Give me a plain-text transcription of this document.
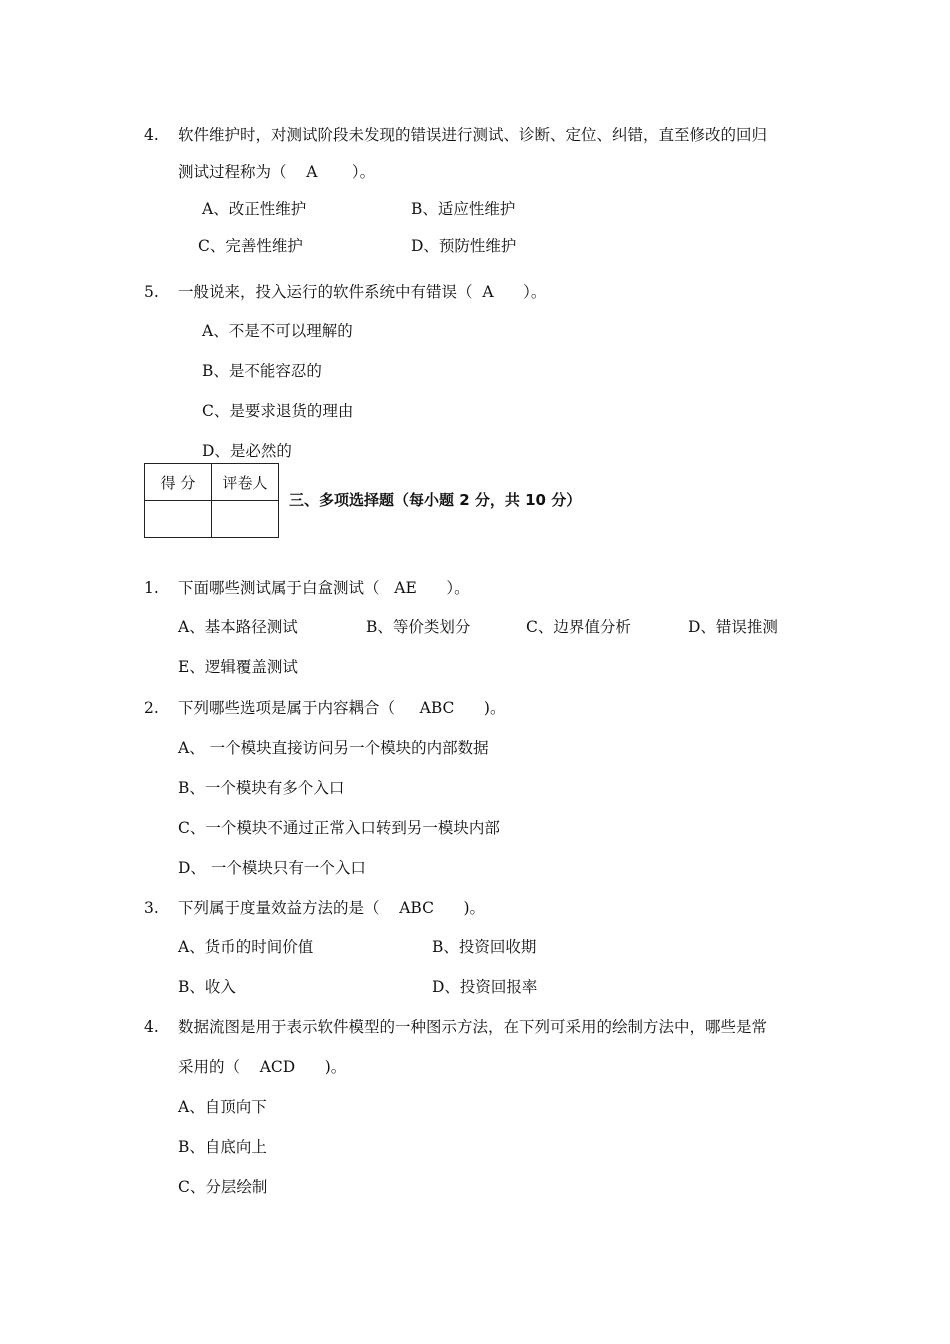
4. 软件维护时，对测试阶段未发现的错误进行测试、诊断、定位、纠错，直至修改的回归
测试过程称为（    A       ）。
A、改正性维护	B、适应性维护
C、完善性维护	D、预防性维护
5. 一般说来，投入运行的软件系统中有错误（  A      ）。
A、不是不可以理解的
B、是不能容忍的
C、是要求退货的理由
D、是必然的
得 分	评卷人

三、多项选择题（每小题 2 分，共 10 分）
1. 下面哪些测试属于白盒测试（   AE      ）。
A、基本路径测试	B、等价类划分	C、边界值分析	D、错误推测
E、逻辑覆盖测试
2. 下列哪些选项是属于内容耦合（     ABC      )。
A、 一个模块直接访问另一个模块的内部数据
B、一个模块有多个入口
C、一个模块不通过正常入口转到另一模块内部
D、 一个模块只有一个入口
3. 下列属于度量效益方法的是（    ABC      )。
A、货币的时间价值	B、投资回收期
B、收入	D、投资回报率
4. 数据流图是用于表示软件模型的一种图示方法，在下列可采用的绘制方法中，哪些是常
采用的（    ACD      )。
A、自顶向下
B、自底向上
C、分层绘制
